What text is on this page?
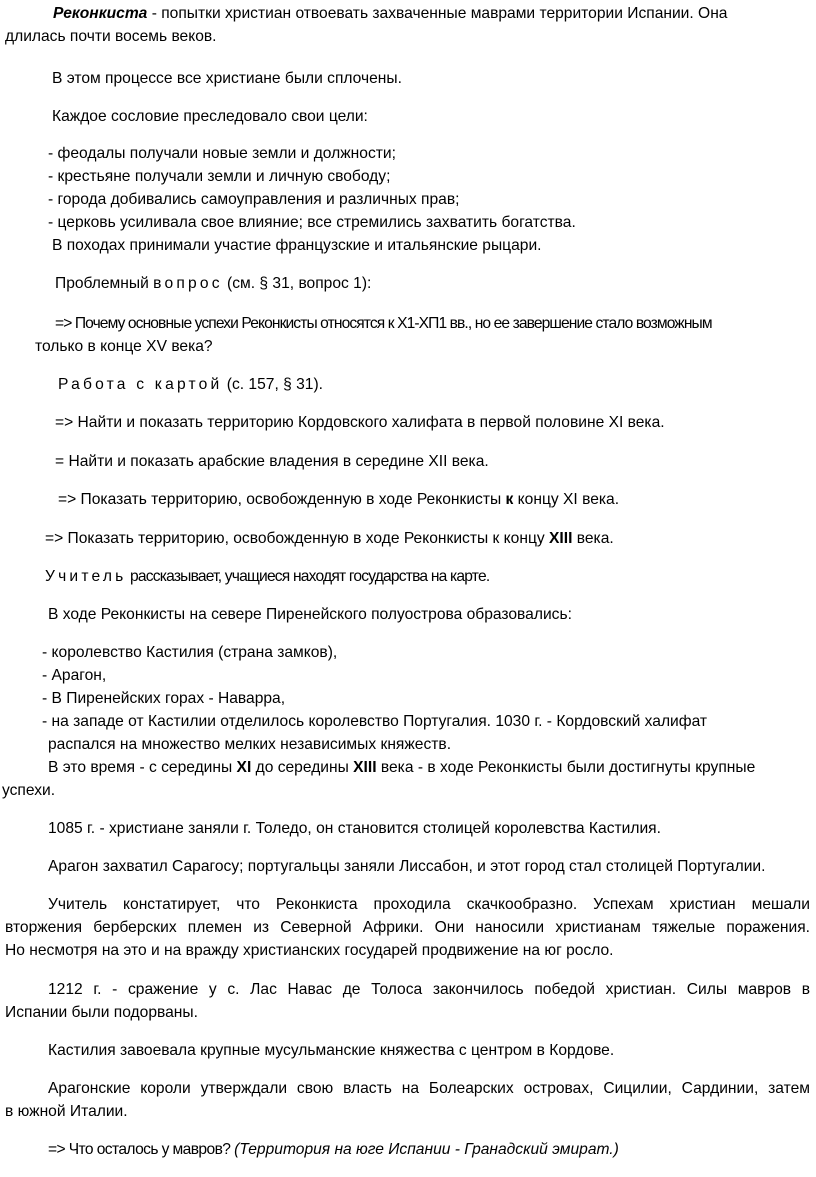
Реконкиста - попытки христиан отвоевать захваченные маврами территории Испании. Она

длилась почти восемь веков.

В этом процессе все христиане были сплочены.

Каждое сословие преследовало свои цели:

- феодалы получали новые земли и должности;

- крестьяне получали земли и личную свободу;

- города добивались самоуправления и различных прав;

- церковь усиливала свое влияние; все стремились захватить богатства.

В походах принимали участие французские и итальянские рыцари.

Проблемный вопрос (см. § 31, вопрос 1):

=> Почему основные успехи Реконкисты относятся к Х1-ХП1 вв., но ее завершение стало возможным

только в конце XV века?

Работа с картой (с. 157, § 31).

=> Найти и показать территорию Кордовского халифата в первой половине XI века.

= Найти и показать арабские владения в середине XII века.

=> Показать территорию, освобожденную в ходе Реконкисты к концу XI века.

=> Показать территорию, освобожденную в ходе Реконкисты к концу XIII века.

Учитель рассказывает, учащиеся находят государства на карте.

В ходе Реконкисты на севере Пиренейского полуострова образовались:

- королевство Кастилия (страна замков),

- Арагон,

- В Пиренейских горах - Наварра,

- на западе от Кастилии отделилось королевство Португалия. 1030 г. - Кордовский халифат

распался на множество мелких независимых княжеств.

В это время - с середины XI до середины XIII века - в ходе Реконкисты были достигнуты крупные

успехи.

1085 г. - христиане заняли г. Толедо, он становится столицей королевства Кастилия.

Арагон захватил Сарагосу; португальцы заняли Лиссабон, и этот город стал столицей Португалии.

Учитель констатирует, что Реконкиста проходила скачкообразно. Успехам христиан мешали

вторжения берберских племен из Северной Африки. Они наносили христианам тяжелые поражения.

Но несмотря на это и на вражду христианских государей продвижение на юг росло.

1212 г. - сражение у с. Лас Навас де Толоса закончилось победой христиан. Силы мавров в

Испании были подорваны.

Кастилия завоевала крупные мусульманские княжества с центром в Кордове.

Арагонские короли утверждали свою власть на Болеарских островах, Сицилии, Сардинии, затем

в южной Италии.

=> Что осталось у мавров? (Территория на юге Испании - Гранадский эмират.)
